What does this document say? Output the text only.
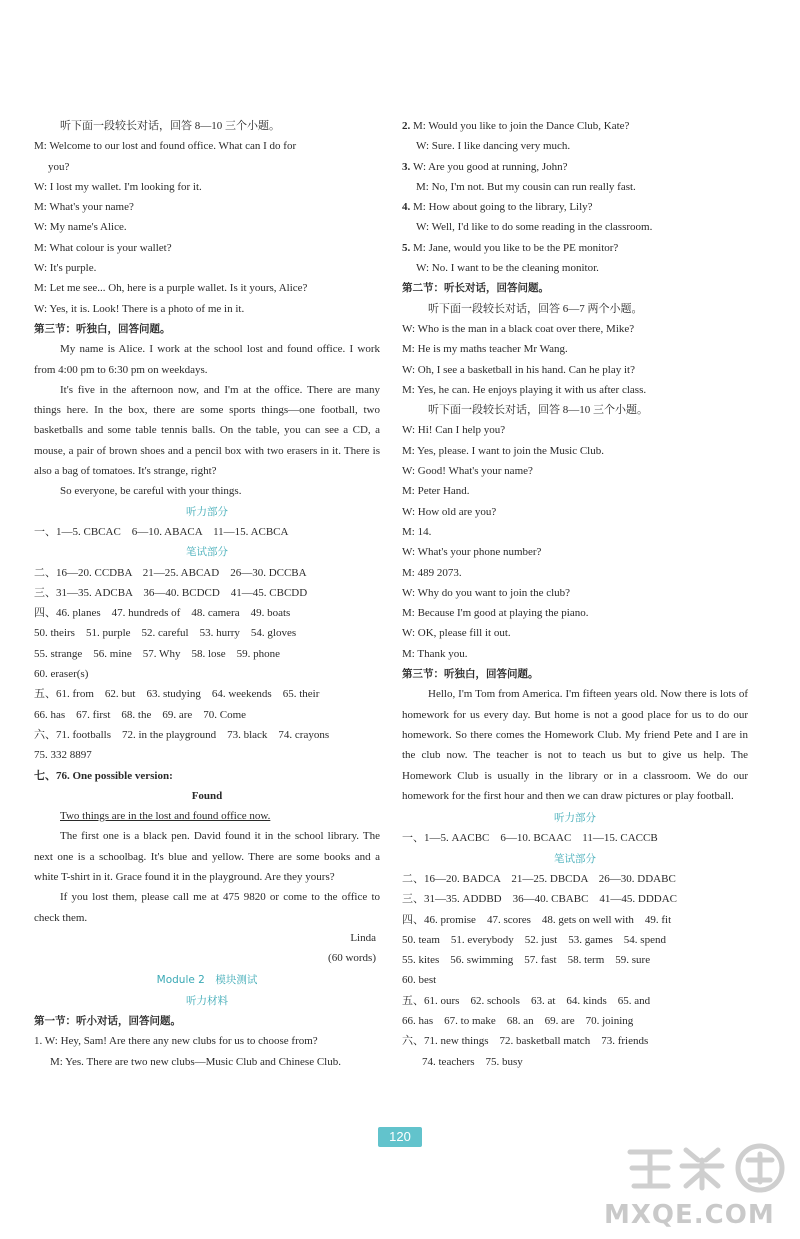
听下面一段较长对话，回答 8—10 三个小题。
M: Welcome to our lost and found office. What can I do for
you?
W: I lost my wallet. I'm looking for it.
M: What's your name?
W: My name's Alice.
M: What colour is your wallet?
W: It's purple.
M: Let me see... Oh, here is a purple wallet. Is it yours, Alice?
W: Yes, it is. Look! There is a photo of me in it.
第三节：听独白，回答问题。
My name is Alice. I work at the school lost and found office. I work from 4:00 pm to 6:30 pm on weekdays.
It's five in the afternoon now, and I'm at the office. There are many things here. In the box, there are some sports things—one football, two basketballs and some table tennis balls. On the table, you can see a CD, a mouse, a pair of brown shoes and a pencil box with two erasers in it. There is also a bag of tomatoes. It's strange, right?
So everyone, be careful with your things.
听力部分
一、1—5. CBCAC　6—10. ABACA　11—15. ACBCA
笔试部分
二、16—20. CCDBA　21—25. ABCAD　26—30. DCCBA
三、31—35. ADCBA　36—40. BCDCD　41—45. CBCDD
四、46. planes　47. hundreds of　48. camera　49. boats
50. theirs　51. purple　52. careful　53. hurry　54. gloves
55. strange　56. mine　57. Why　58. lose　59. phone
60. eraser(s)
五、61. from　62. but　63. studying　64. weekends　65. their
66. has　67. first　68. the　69. are　70. Come
六、71. footballs　72. in the playground　73. black　74. crayons
75. 332 8897
七、76. One possible version:
Found
Two things are in the lost and found office now.
The first one is a black pen. David found it in the school library. The next one is a schoolbag. It's blue and yellow. There are some books and a white T-shirt in it. Grace found it in the playground. Are they yours?
If you lost them, please call me at 475 9820 or come to the office to check them.
Linda
(60 words)
Module 2　模块测试
听力材料
第一节：听小对话，回答问题。
1. W: Hey, Sam! Are there any new clubs for us to choose from?
M: Yes. There are two new clubs—Music Club and Chinese Club.
2. M: Would you like to join the Dance Club, Kate?
W: Sure. I like dancing very much.
3. W: Are you good at running, John?
M: No, I'm not. But my cousin can run really fast.
4. M: How about going to the library, Lily?
W: Well, I'd like to do some reading in the classroom.
5. M: Jane, would you like to be the PE monitor?
W: No. I want to be the cleaning monitor.
第二节：听长对话，回答问题。
听下面一段较长对话，回答 6—7 两个小题。
W: Who is the man in a black coat over there, Mike?
M: He is my maths teacher Mr Wang.
W: Oh, I see a basketball in his hand. Can he play it?
M: Yes, he can. He enjoys playing it with us after class.
听下面一段较长对话，回答 8—10 三个小题。
W: Hi! Can I help you?
M: Yes, please. I want to join the Music Club.
W: Good! What's your name?
M: Peter Hand.
W: How old are you?
M: 14.
W: What's your phone number?
M: 489 2073.
W: Why do you want to join the club?
M: Because I'm good at playing the piano.
W: OK, please fill it out.
M: Thank you.
第三节：听独白，回答问题。
Hello, I'm Tom from America. I'm fifteen years old. Now there is lots of homework for us every day. But home is not a good place for us to do our homework. So there comes the Homework Club. My friend Pete and I are in the club now. The teacher is not to teach us but to give us help. The Homework Club is usually in the library or in a classroom. We do our homework for the first hour and then we can draw pictures or play football.
听力部分
一、1—5. AACBC　6—10. BCAAC　11—15. CACCB
笔试部分
二、16—20. BADCA　21—25. DBCDA　26—30. DDABC
三、31—35. ADDBD　36—40. CBABC　41—45. DDDAC
四、46. promise　47. scores　48. gets on well with　49. fit
50. team　51. everybody　52. just　53. games　54. spend
55. kites　56. swimming　57. fast　58. term　59. sure
60. best
五、61. ours　62. schools　63. at　64. kinds　65. and
66. has　67. to make　68. an　69. are　70. joining
六、71. new things　72. basketball match　73. friends
74. teachers　75. busy
120
MXQE.COM
